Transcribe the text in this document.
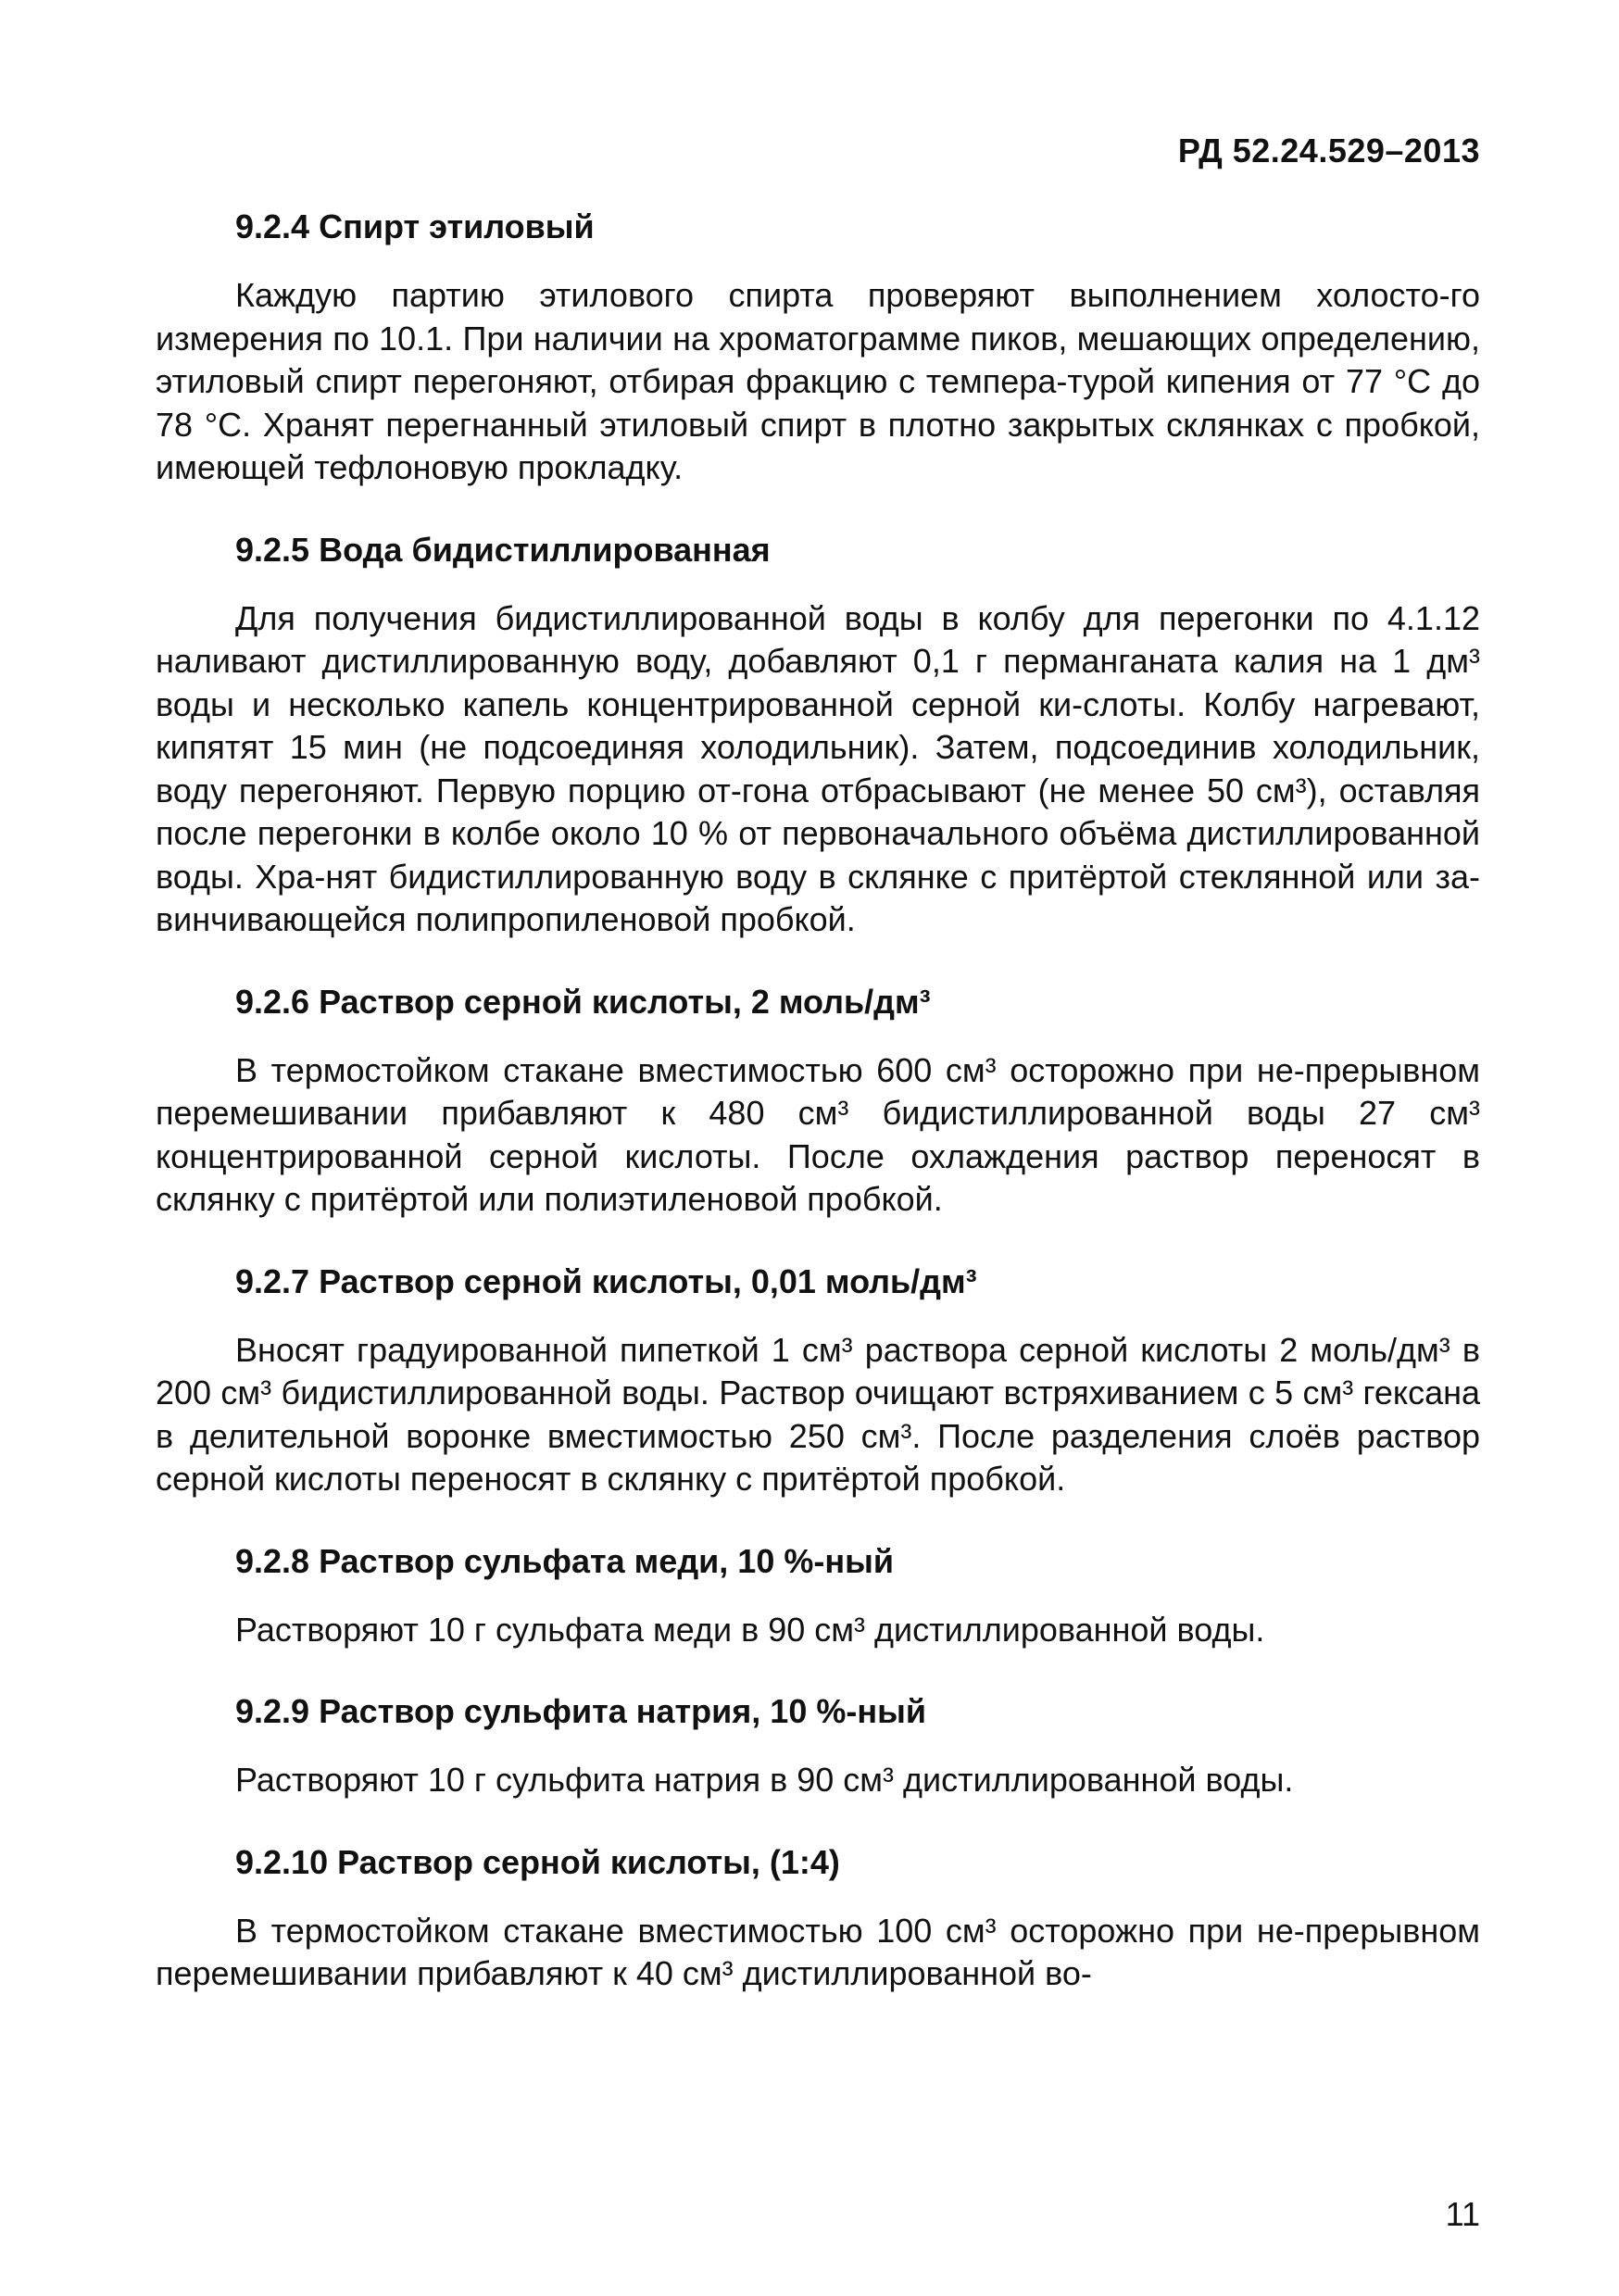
РД 52.24.529–2013
9.2.4 Спирт этиловый

Каждую партию этилового спирта проверяют выполнением холосто-го измерения по 10.1. При наличии на хроматограмме пиков, мешающих определению, этиловый спирт перегоняют, отбирая фракцию с темпера-турой кипения от 77 °С до 78 °С. Хранят перегнанный этиловый спирт в плотно закрытых склянках с пробкой, имеющей тефлоновую прокладку.

9.2.5 Вода бидистиллированная

Для получения бидистиллированной воды в колбу для перегонки по 4.1.12 наливают дистиллированную воду, добавляют 0,1 г перманганата калия на 1 дм³ воды и несколько капель концентрированной серной ки-слоты. Колбу нагревают, кипятят 15 мин (не подсоединяя холодильник). Затем, подсоединив холодильник, воду перегоняют. Первую порцию от-гона отбрасывают (не менее 50 см³), оставляя после перегонки в колбе около 10 % от первоначального объёма дистиллированной воды. Хра-нят бидистиллированную воду в склянке с притёртой стеклянной или за-винчивающейся полипропиленовой пробкой.

9.2.6 Раствор серной кислоты, 2 моль/дм³

В термостойком стакане вместимостью 600 см³ осторожно при не-прерывном перемешивании прибавляют к 480 см³ бидистиллированной воды 27 см³ концентрированной серной кислоты. После охлаждения раствор переносят в склянку с притёртой или полиэтиленовой пробкой.

9.2.7 Раствор серной кислоты, 0,01 моль/дм³

Вносят градуированной пипеткой 1 см³ раствора серной кислоты 2 моль/дм³ в 200 см³ бидистиллированной воды. Раствор очищают встряхиванием с 5 см³ гексана в делительной воронке вместимостью 250 см³. После разделения слоёв раствор серной кислоты переносят в склянку с притёртой пробкой.

9.2.8 Раствор сульфата меди, 10 %-ный

Растворяют 10 г сульфата меди в 90 см³ дистиллированной воды.

9.2.9 Раствор сульфита натрия, 10 %-ный

Растворяют 10 г сульфита натрия в 90 см³ дистиллированной воды.

9.2.10 Раствор серной кислоты, (1:4)

В термостойком стакане вместимостью 100 см³ осторожно при не-прерывном перемешивании прибавляют к 40 см³ дистиллированной во-

11
